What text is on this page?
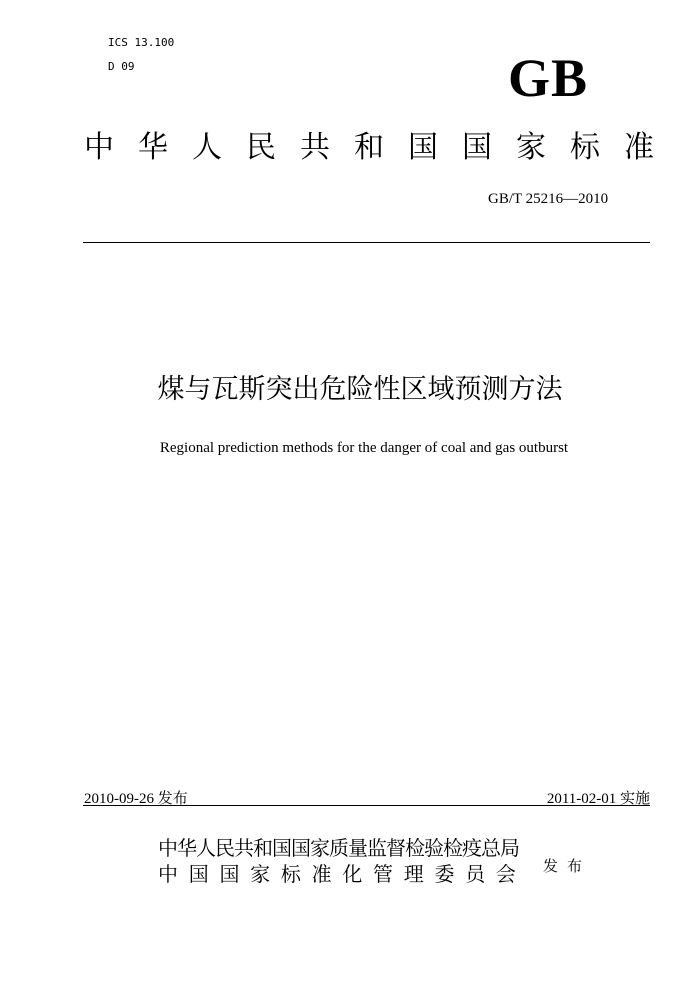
ICS 13.100
D 09	GB
中 华 人 民 共 和 国 国 家 标 准
GB/T 25216—2010
煤与瓦斯突出危险性区域预测方法
Regional prediction methods for the danger of coal and gas outburst
2010-09-26 发布	2011-02-01 实施
中华人民共和国国家质量监督检验检疫总局
中 国 国 家 标 准 化 管 理 委 员 会 发布
